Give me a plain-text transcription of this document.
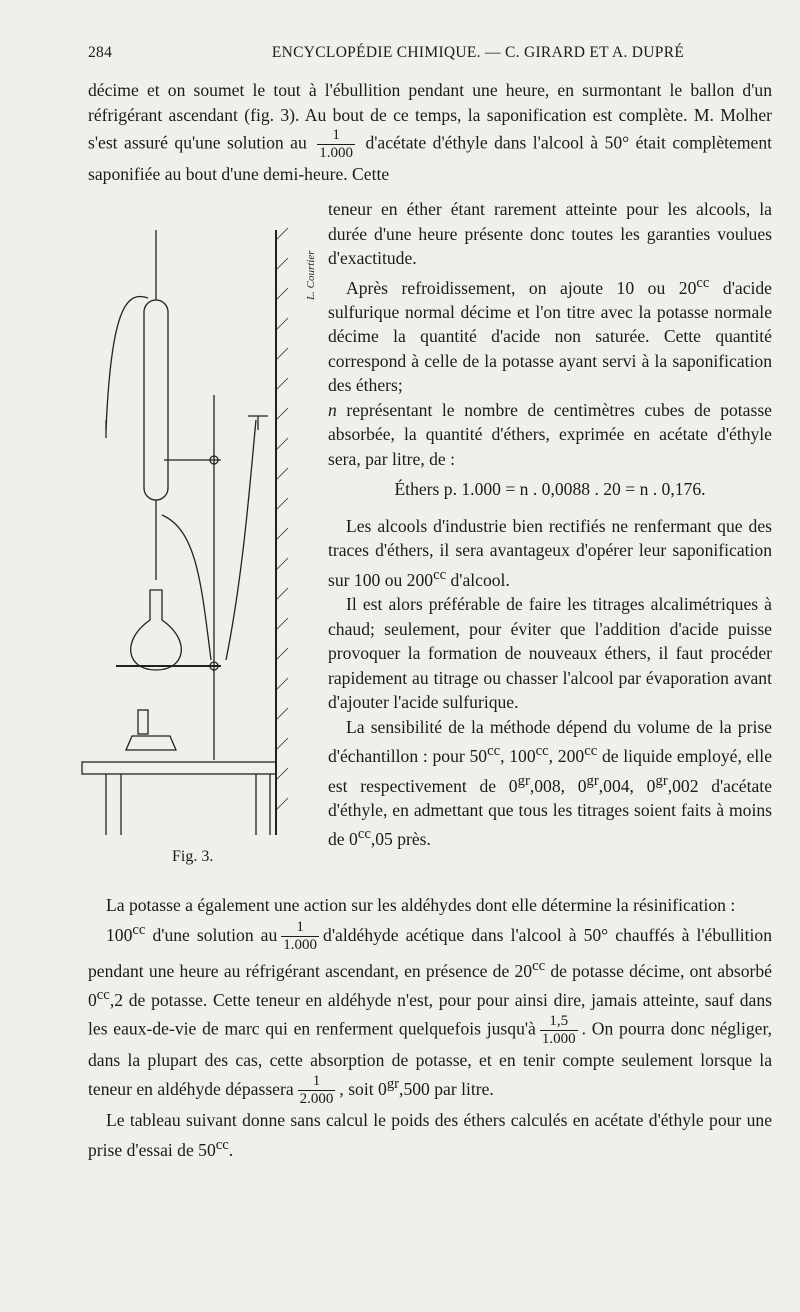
284	ENCYCLOPÉDIE CHIMIQUE. — C. GIRARD ET A. DUPRÉ

décime et on soumet le tout à l'ébullition pendant une heure, en surmontant le ballon d'un réfrigérant ascendant (fig. 3). Au bout de ce temps, la saponification est complète. M. Molher s'est assuré qu'une solution au $\frac{1}{1.000}$ d'acétate d'éthyle dans l'alcool à 50° était complètement saponifiée au bout d'une demi-heure. Cette

teneur en éther étant rarement atteinte pour les alcools, la durée d'une heure présente donc toutes les garanties voulues d'exactitude.

Après refroidissement, on ajoute 10 ou $20^{cc}$ d'acide sulfurique normal décime et l'on titre avec la potasse normale décime la quantité d'acide non saturée. Cette quantité correspond à celle de la potasse ayant servi à la saponification des éthers;
n représentant le nombre de centimètres cubes de potasse absorbée, la quantité d'éthers, exprimée en acétate d'éthyle sera, par litre, de :

Éthers p. 1.000 = n . 0,0088 . 20 = n . 0,176.

Les alcools d'industrie bien rectifiés ne renfermant que des traces d'éthers, il sera avantageux d'opérer leur saponification sur 100 ou $200^{cc}$ d'alcool.

Il est alors préférable de faire les titrages alcalimétriques à chaud; seulement, pour éviter que l'addition d'acide puisse provoquer la formation de nouveaux éthers, il faut procéder rapidement au titrage ou chasser l'alcool par évaporation avant d'ajouter l'acide sulfurique.

La sensibilité de la méthode dépend du volume de la prise d'échantillon : pour $50^{cc}$, $100^{cc}$, $200^{cc}$ de liquide employé, elle est respectivement de $0^{gr},008$, $0^{gr},004$, $0^{gr},002$ d'acétate d'éthyle, en admettant que tous les titrages soient faits à moins de $0^{cc},05$ près.

L. Courtier
Fig. 3.

La potasse a également une action sur les aldéhydes dont elle détermine la résinification :

$100^{cc}$ d'une solution au $\frac{1}{1.000}$ d'aldéhyde acétique dans l'alcool à 50° chauffés à l'ébullition pendant une heure au réfrigérant ascendant, en présence de $20^{cc}$ de potasse décime, ont absorbé $0^{cc},2$ de potasse. Cette teneur en aldéhyde n'est, pour pour ainsi dire, jamais atteinte, sauf dans les eaux-de-vie de marc qui en renferment quelquefois jusqu'à $\frac{1,5}{1.000}$ . On pourra donc négliger, dans la plupart des cas, cette absorption de potasse, et en tenir compte seulement lorsque la teneur en aldéhyde dépassera $\frac{1}{2.000}$ , soit $0^{gr},500$ par litre.

Le tableau suivant donne sans calcul le poids des éthers calculés en acétate d'éthyle pour une prise d'essai de $50^{cc}$.
